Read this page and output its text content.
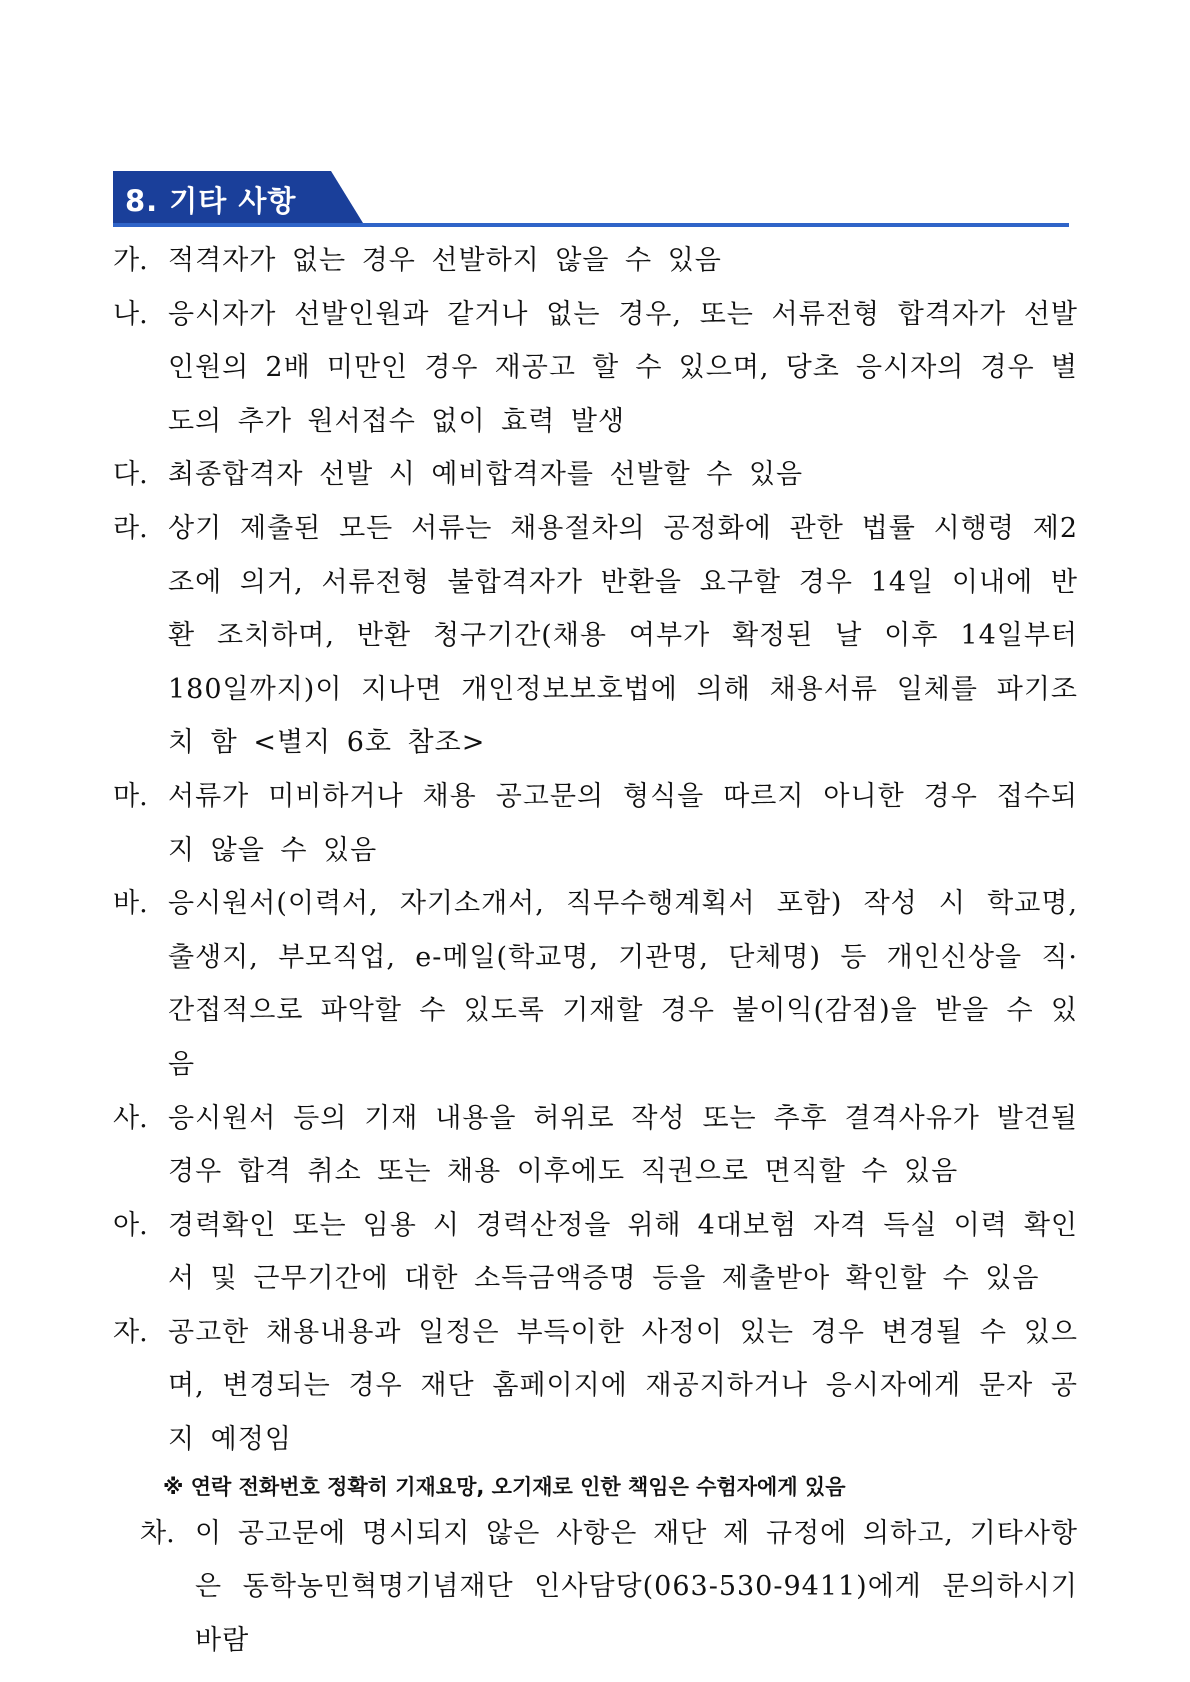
8. 기타 사항
가. 적격자가 없는 경우 선발하지 않을 수 있음
나. 응시자가 선발인원과 같거나 없는 경우, 또는 서류전형 합격자가 선발인원의 2배 미만인 경우 재공고 할 수 있으며, 당초 응시자의 경우 별도의 추가 원서접수 없이 효력 발생
다. 최종합격자 선발 시 예비합격자를 선발할 수 있음
라. 상기 제출된 모든 서류는 채용절차의 공정화에 관한 법률 시행령 제2조에 의거, 서류전형 불합격자가 반환을 요구할 경우 14일 이내에 반환 조치하며, 반환 청구기간(채용 여부가 확정된 날 이후 14일부터 180일까지)이 지나면 개인정보보호법에 의해 채용서류 일체를 파기조치 함 <별지 6호 참조>
마. 서류가 미비하거나 채용 공고문의 형식을 따르지 아니한 경우 접수되지 않을 수 있음
바. 응시원서(이력서, 자기소개서, 직무수행계획서 포함) 작성 시 학교명, 출생지, 부모직업, e-메일(학교명, 기관명, 단체명) 등 개인신상을 직·간접적으로 파악할 수 있도록 기재할 경우 불이익(감점)을 받을 수 있음
사. 응시원서 등의 기재 내용을 허위로 작성 또는 추후 결격사유가 발견될 경우 합격 취소 또는 채용 이후에도 직권으로 면직할 수 있음
아. 경력확인 또는 임용 시 경력산정을 위해 4대보험 자격 득실 이력 확인서 및 근무기간에 대한 소득금액증명 등을 제출받아 확인할 수 있음
자. 공고한 채용내용과 일정은 부득이한 사정이 있는 경우 변경될 수 있으며, 변경되는 경우 재단 홈페이지에 재공지하거나 응시자에게 문자 공지 예정임
※ 연락 전화번호 정확히 기재요망, 오기재로 인한 책임은 수험자에게 있음
차. 이 공고문에 명시되지 않은 사항은 재단 제 규정에 의하고, 기타사항은 동학농민혁명기념재단 인사담당(063-530-9411)에게 문의하시기 바람
